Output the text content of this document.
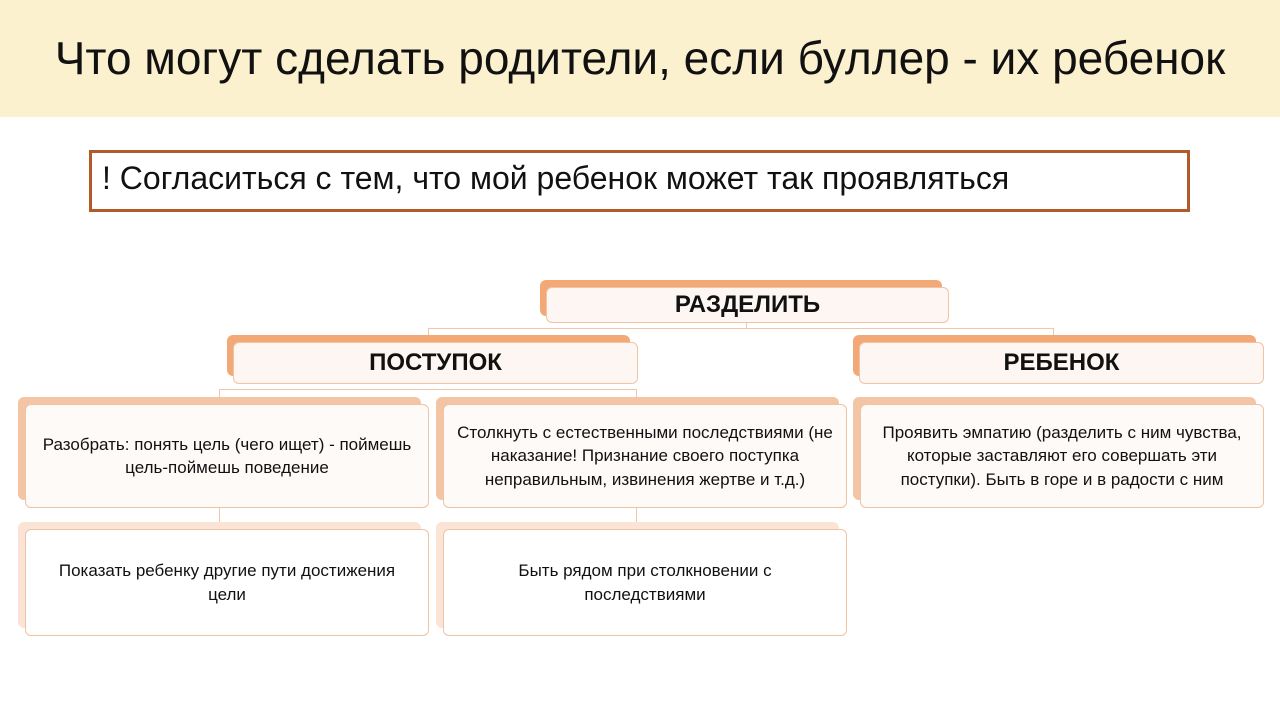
Что могут сделать родители, если буллер - их ребенок
! Согласиться с тем, что мой ребенок может так проявляться
РАЗДЕЛИТЬ
ПОСТУПОК	РЕБЕНОК
Разобрать: понять цель (чего ищет) - поймешь цель-поймешь поведение
Столкнуть с естественными последствиями (не наказание! Признание своего поступка неправильным, извинения жертве и т.д.)
Проявить эмпатию (разделить с ним чувства, которые заставляют его совершать эти поступки). Быть в горе и в радости с ним
Показать ребенку другие пути достижения цели
Быть рядом при столкновении с последствиями
